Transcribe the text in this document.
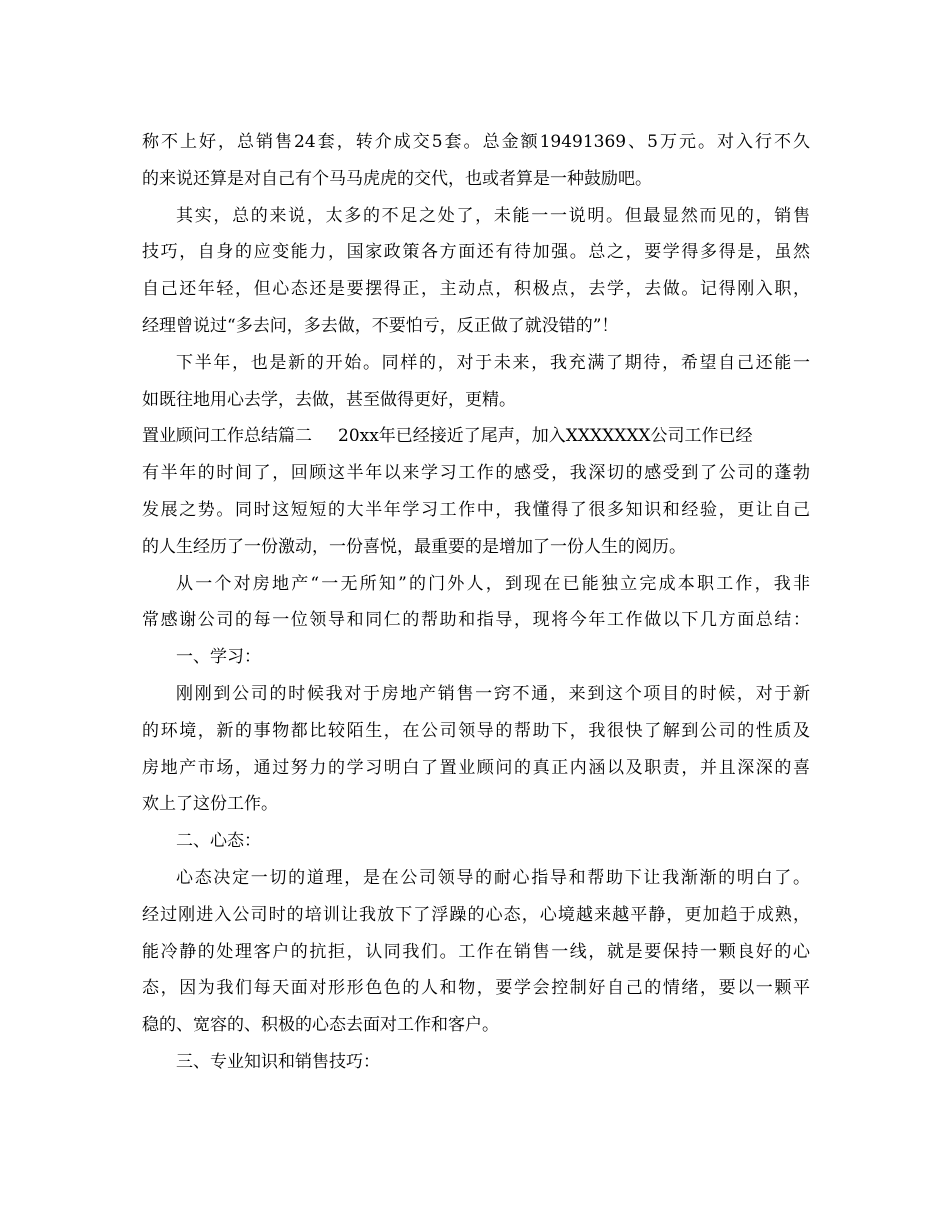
称不上好，总销售24套，转介成交5套。总金额19491369、5万元。对入行不久
的来说还算是对自己有个马马虎虎的交代，也或者算是一种鼓励吧。
其实，总的来说，太多的不足之处了，未能一一说明。但最显然而见的，销售
技巧，自身的应变能力，国家政策各方面还有待加强。总之，要学得多得是，虽然
自己还年轻，但心态还是要摆得正，主动点，积极点，去学，去做。记得刚入职，
经理曾说过“多去问，多去做，不要怕亏，反正做了就没错的”！
下半年，也是新的开始。同样的，对于未来，我充满了期待，希望自己还能一
如既往地用心去学，去做，甚至做得更好，更精。
置业顾问工作总结篇二 20xx年已经接近了尾声，加入XXXXXXX公司工作已经
有半年的时间了，回顾这半年以来学习工作的感受，我深切的感受到了公司的蓬勃
发展之势。同时这短短的大半年学习工作中，我懂得了很多知识和经验，更让自己
的人生经历了一份激动，一份喜悦，最重要的是增加了一份人生的阅历。
从一个对房地产“一无所知”的门外人，到现在已能独立完成本职工作，我非
常感谢公司的每一位领导和同仁的帮助和指导，现将今年工作做以下几方面总结：
一、学习：
刚刚到公司的时候我对于房地产销售一窍不通，来到这个项目的时候，对于新
的环境，新的事物都比较陌生，在公司领导的帮助下，我很快了解到公司的性质及
房地产市场，通过努力的学习明白了置业顾问的真正内涵以及职责，并且深深的喜
欢上了这份工作。
二、心态：
心态决定一切的道理，是在公司领导的耐心指导和帮助下让我渐渐的明白了。
经过刚进入公司时的培训让我放下了浮躁的心态，心境越来越平静，更加趋于成熟，
能冷静的处理客户的抗拒，认同我们。工作在销售一线，就是要保持一颗良好的心
态，因为我们每天面对形形色色的人和物，要学会控制好自己的情绪，要以一颗平
稳的、宽容的、积极的心态去面对工作和客户。
三、专业知识和销售技巧：
